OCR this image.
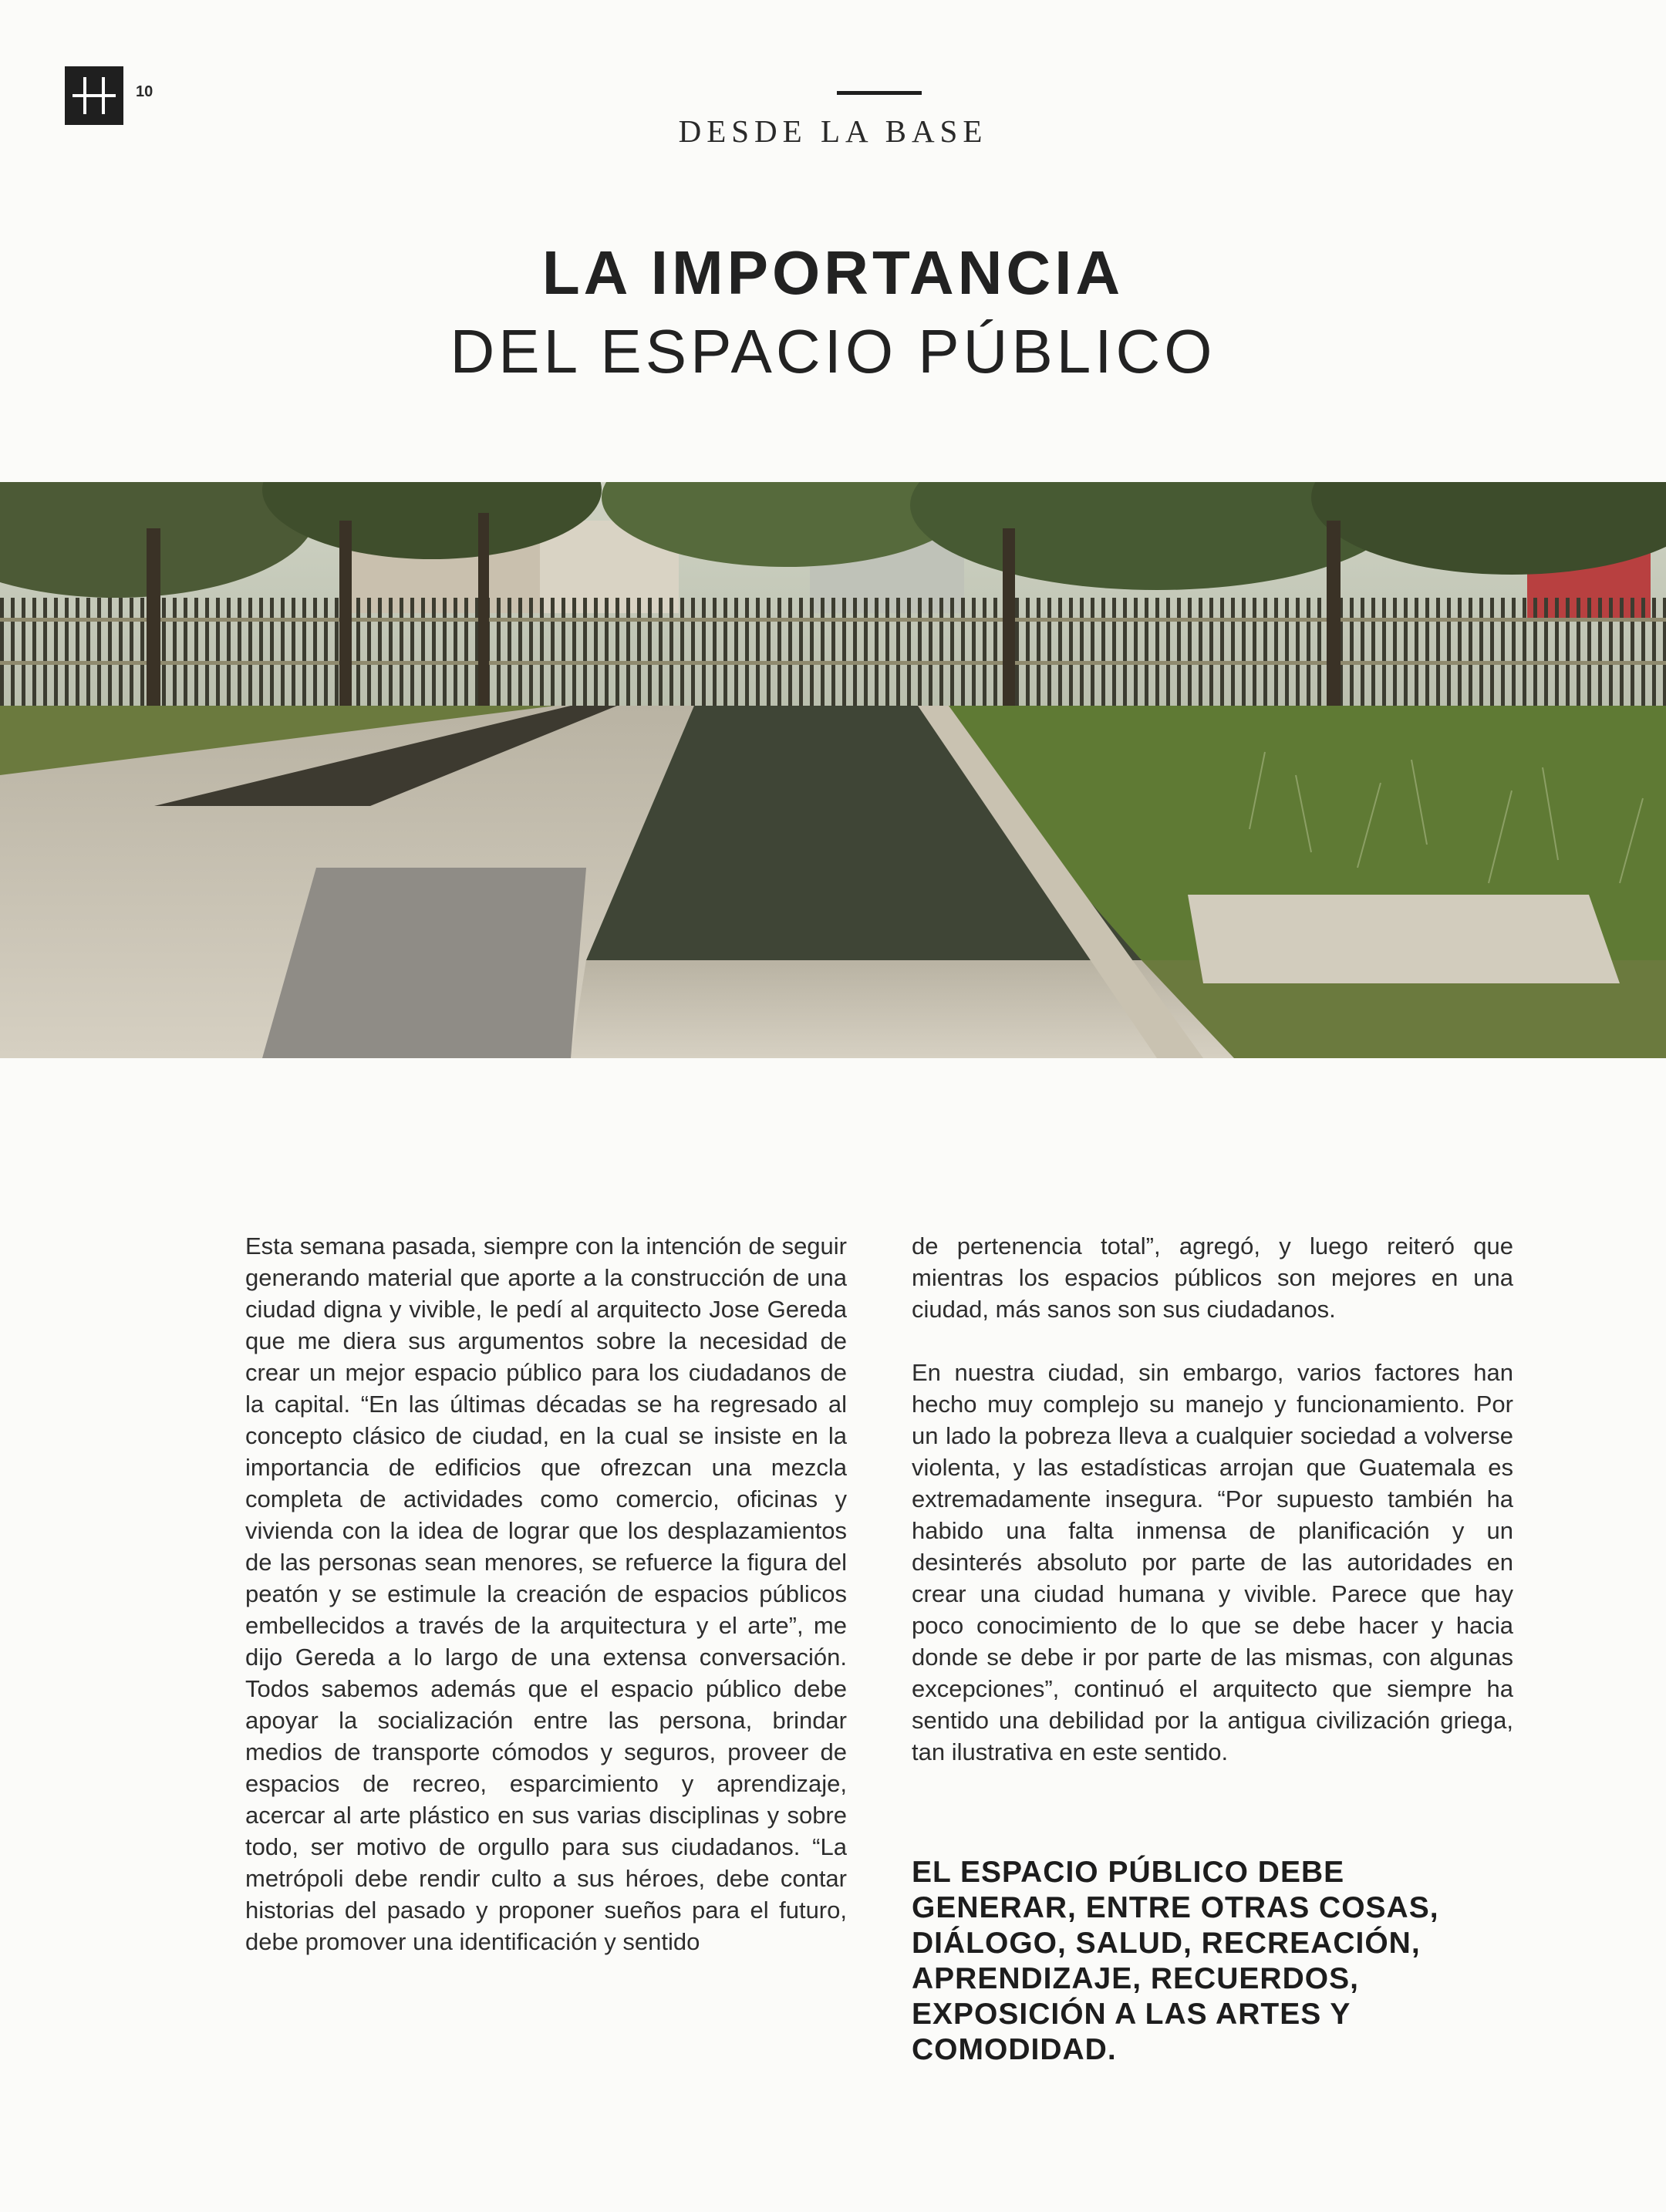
10
DESDE LA BASE
LA IMPORTANCIA
DEL ESPACIO PÚBLICO

Esta semana pasada, siempre con la intención de seguir generando material que aporte a la construcción de una ciudad digna y vivible, le pedí al arquitecto Jose Gereda que me diera sus argumentos sobre la necesidad de crear un mejor espacio público para los ciudadanos de la capital. “En las últimas décadas se ha regresado al concepto clásico de ciudad, en la cual se insiste en la importancia de edificios que ofrezcan una mezcla completa de actividades como comercio, oficinas y vivienda con la idea de lograr que los desplazamientos de las personas sean menores, se refuerce la figura del peatón y se estimule la creación de espacios públicos embellecidos a través de la arquitectura y el arte”, me dijo Gereda a lo largo de una extensa conversación. Todos sabemos además que el espacio público debe apoyar la socialización entre las persona, brindar medios de transporte cómodos y seguros, proveer de espacios de recreo, esparcimiento y aprendizaje, acercar al arte plástico en sus varias disciplinas y sobre todo, ser motivo de orgullo para sus ciudadanos. “La metrópoli debe rendir culto a sus héroes, debe contar historias del pasado y proponer sueños para el futuro, debe promover una identificación y sentido

de pertenencia total”, agregó, y luego reiteró que mientras los espacios públicos son mejores en una ciudad, más sanos son sus ciudadanos.

En nuestra ciudad, sin embargo, varios factores han hecho muy complejo su manejo y funcionamiento. Por un lado la pobreza lleva a cualquier sociedad a volverse violenta, y las estadísticas arrojan que Guatemala es extremadamente insegura. “Por supuesto también ha habido una falta inmensa de planificación y un desinterés absoluto por parte de las autoridades en crear una ciudad humana y vivible. Parece que hay poco conocimiento de lo que se debe hacer y hacia donde se debe ir por parte de las mismas, con algunas excepciones”, continuó el arquitecto que siempre ha sentido una debilidad por la antigua civilización griega, tan ilustrativa en este sentido.

EL ESPACIO PÚBLICO DEBE GENERAR, ENTRE OTRAS COSAS, DIÁLOGO, SALUD, RECREACIÓN, APRENDIZAJE, RECUERDOS, EXPOSICIÓN A LAS ARTES Y COMODIDAD.
